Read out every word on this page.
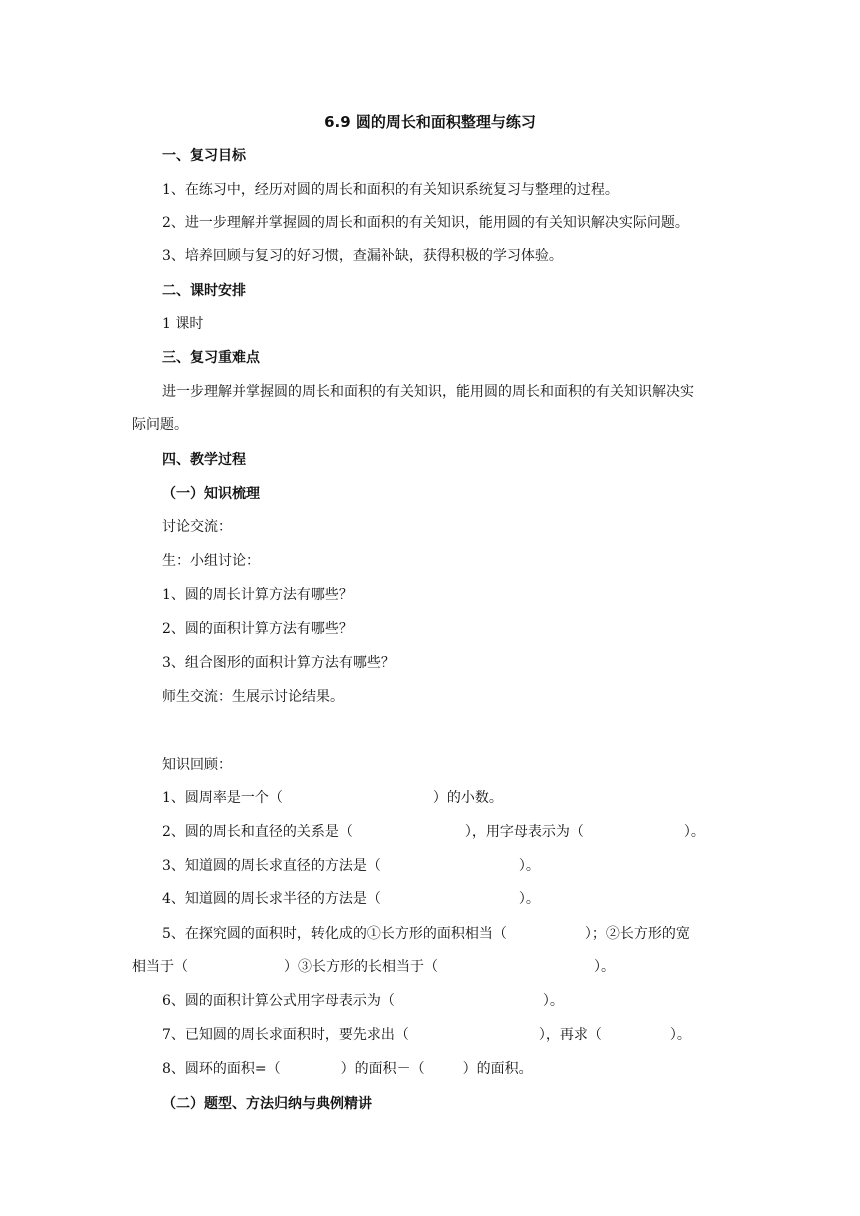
6.9 圆的周长和面积整理与练习
一、复习目标
1、在练习中，经历对圆的周长和面积的有关知识系统复习与整理的过程。
2、进一步理解并掌握圆的周长和面积的有关知识，能用圆的有关知识解决实际问题。
3、培养回顾与复习的好习惯，查漏补缺，获得积极的学习体验。
二、课时安排
1 课时
三、复习重难点
进一步理解并掌握圆的周长和面积的有关知识，能用圆的周长和面积的有关知识解决实
际问题。
四、教学过程
（一）知识梳理
讨论交流：
生：小组讨论：
1、圆的周长计算方法有哪些？
2、圆的面积计算方法有哪些？
3、组合图形的面积计算方法有哪些？
师生交流：生展示讨论结果。
知识回顾：
1、圆周率是一个（	）的小数。
2、圆的周长和直径的关系是（	），用字母表示为（	）。
3、知道圆的周长求直径的方法是（	）。
4、知道圆的周长求半径的方法是（	）。
5、在探究圆的面积时，转化成的①长方形的面积相当（	）；②长方形的宽
相当于（	）③长方形的长相当于（	）。
6、圆的面积计算公式用字母表示为（	）。
7、已知圆的周长求面积时，要先求出（	），再求（	）。
8、圆环的面积=（	）的面积－（	）的面积。
（二）题型、方法归纳与典例精讲
